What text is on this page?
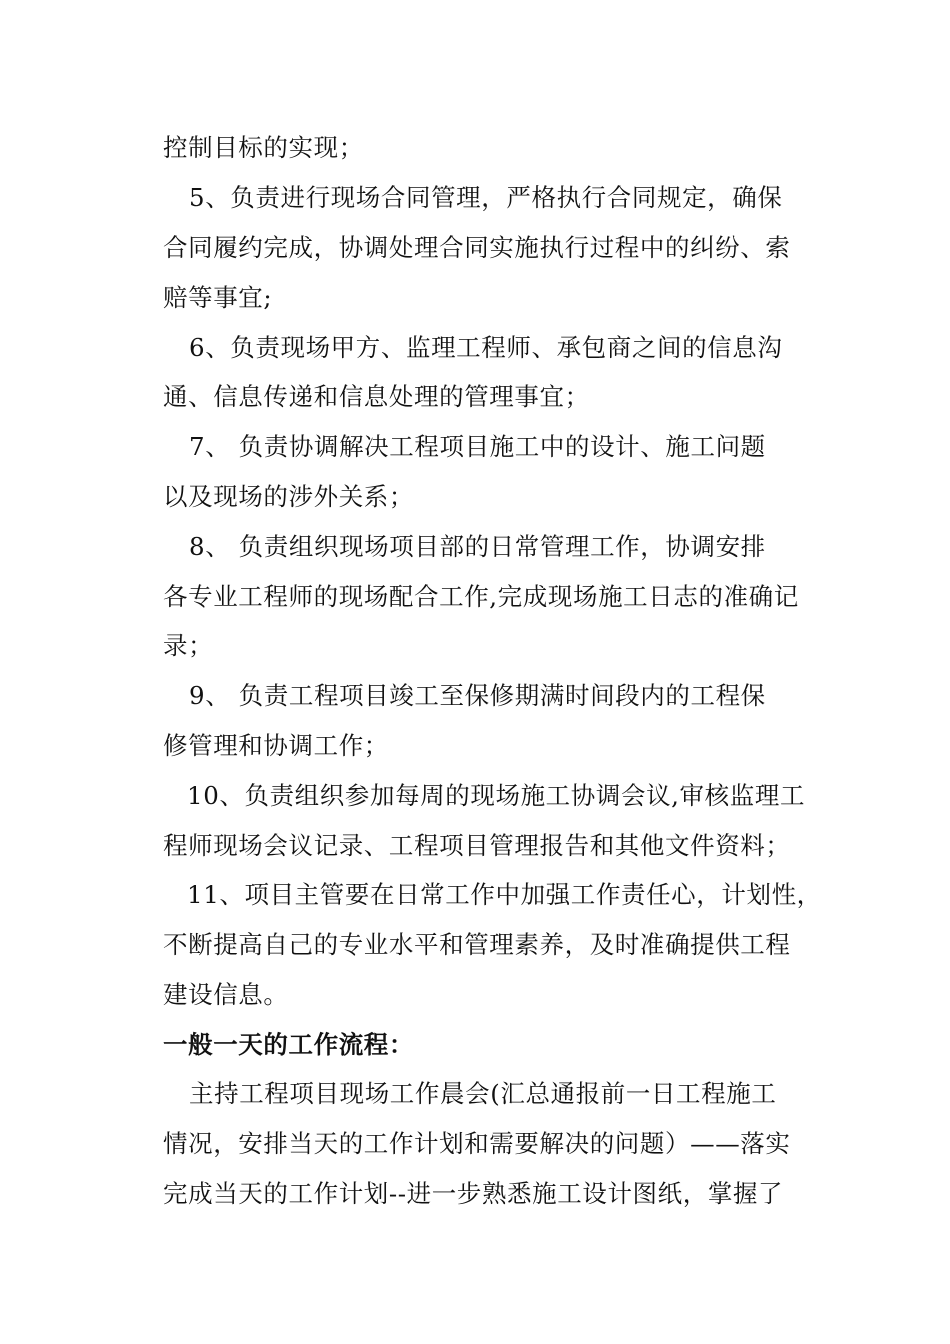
控制目标的实现；
5、负责进行现场合同管理，严格执行合同规定，确保
合同履约完成，协调处理合同实施执行过程中的纠纷、索
赔等事宜;
6、负责现场甲方、监理工程师、承包商之间的信息沟
通、信息传递和信息处理的管理事宜；
7、 负责协调解决工程项目施工中的设计、施工问题
以及现场的涉外关系；
8、 负责组织现场项目部的日常管理工作，协调安排
各专业工程师的现场配合工作,完成现场施工日志的准确记
录；
9、 负责工程项目竣工至保修期满时间段内的工程保
修管理和协调工作；
10、负责组织参加每周的现场施工协调会议,审核监理工
程师现场会议记录、工程项目管理报告和其他文件资料；
11、项目主管要在日常工作中加强工作责任心，计划性，
不断提高自己的专业水平和管理素养，及时准确提供工程
建设信息。
一般一天的工作流程：
主持工程项目现场工作晨会(汇总通报前一日工程施工
情况，安排当天的工作计划和需要解决的问题）——落实
完成当天的工作计划--进一步熟悉施工设计图纸，掌握了
